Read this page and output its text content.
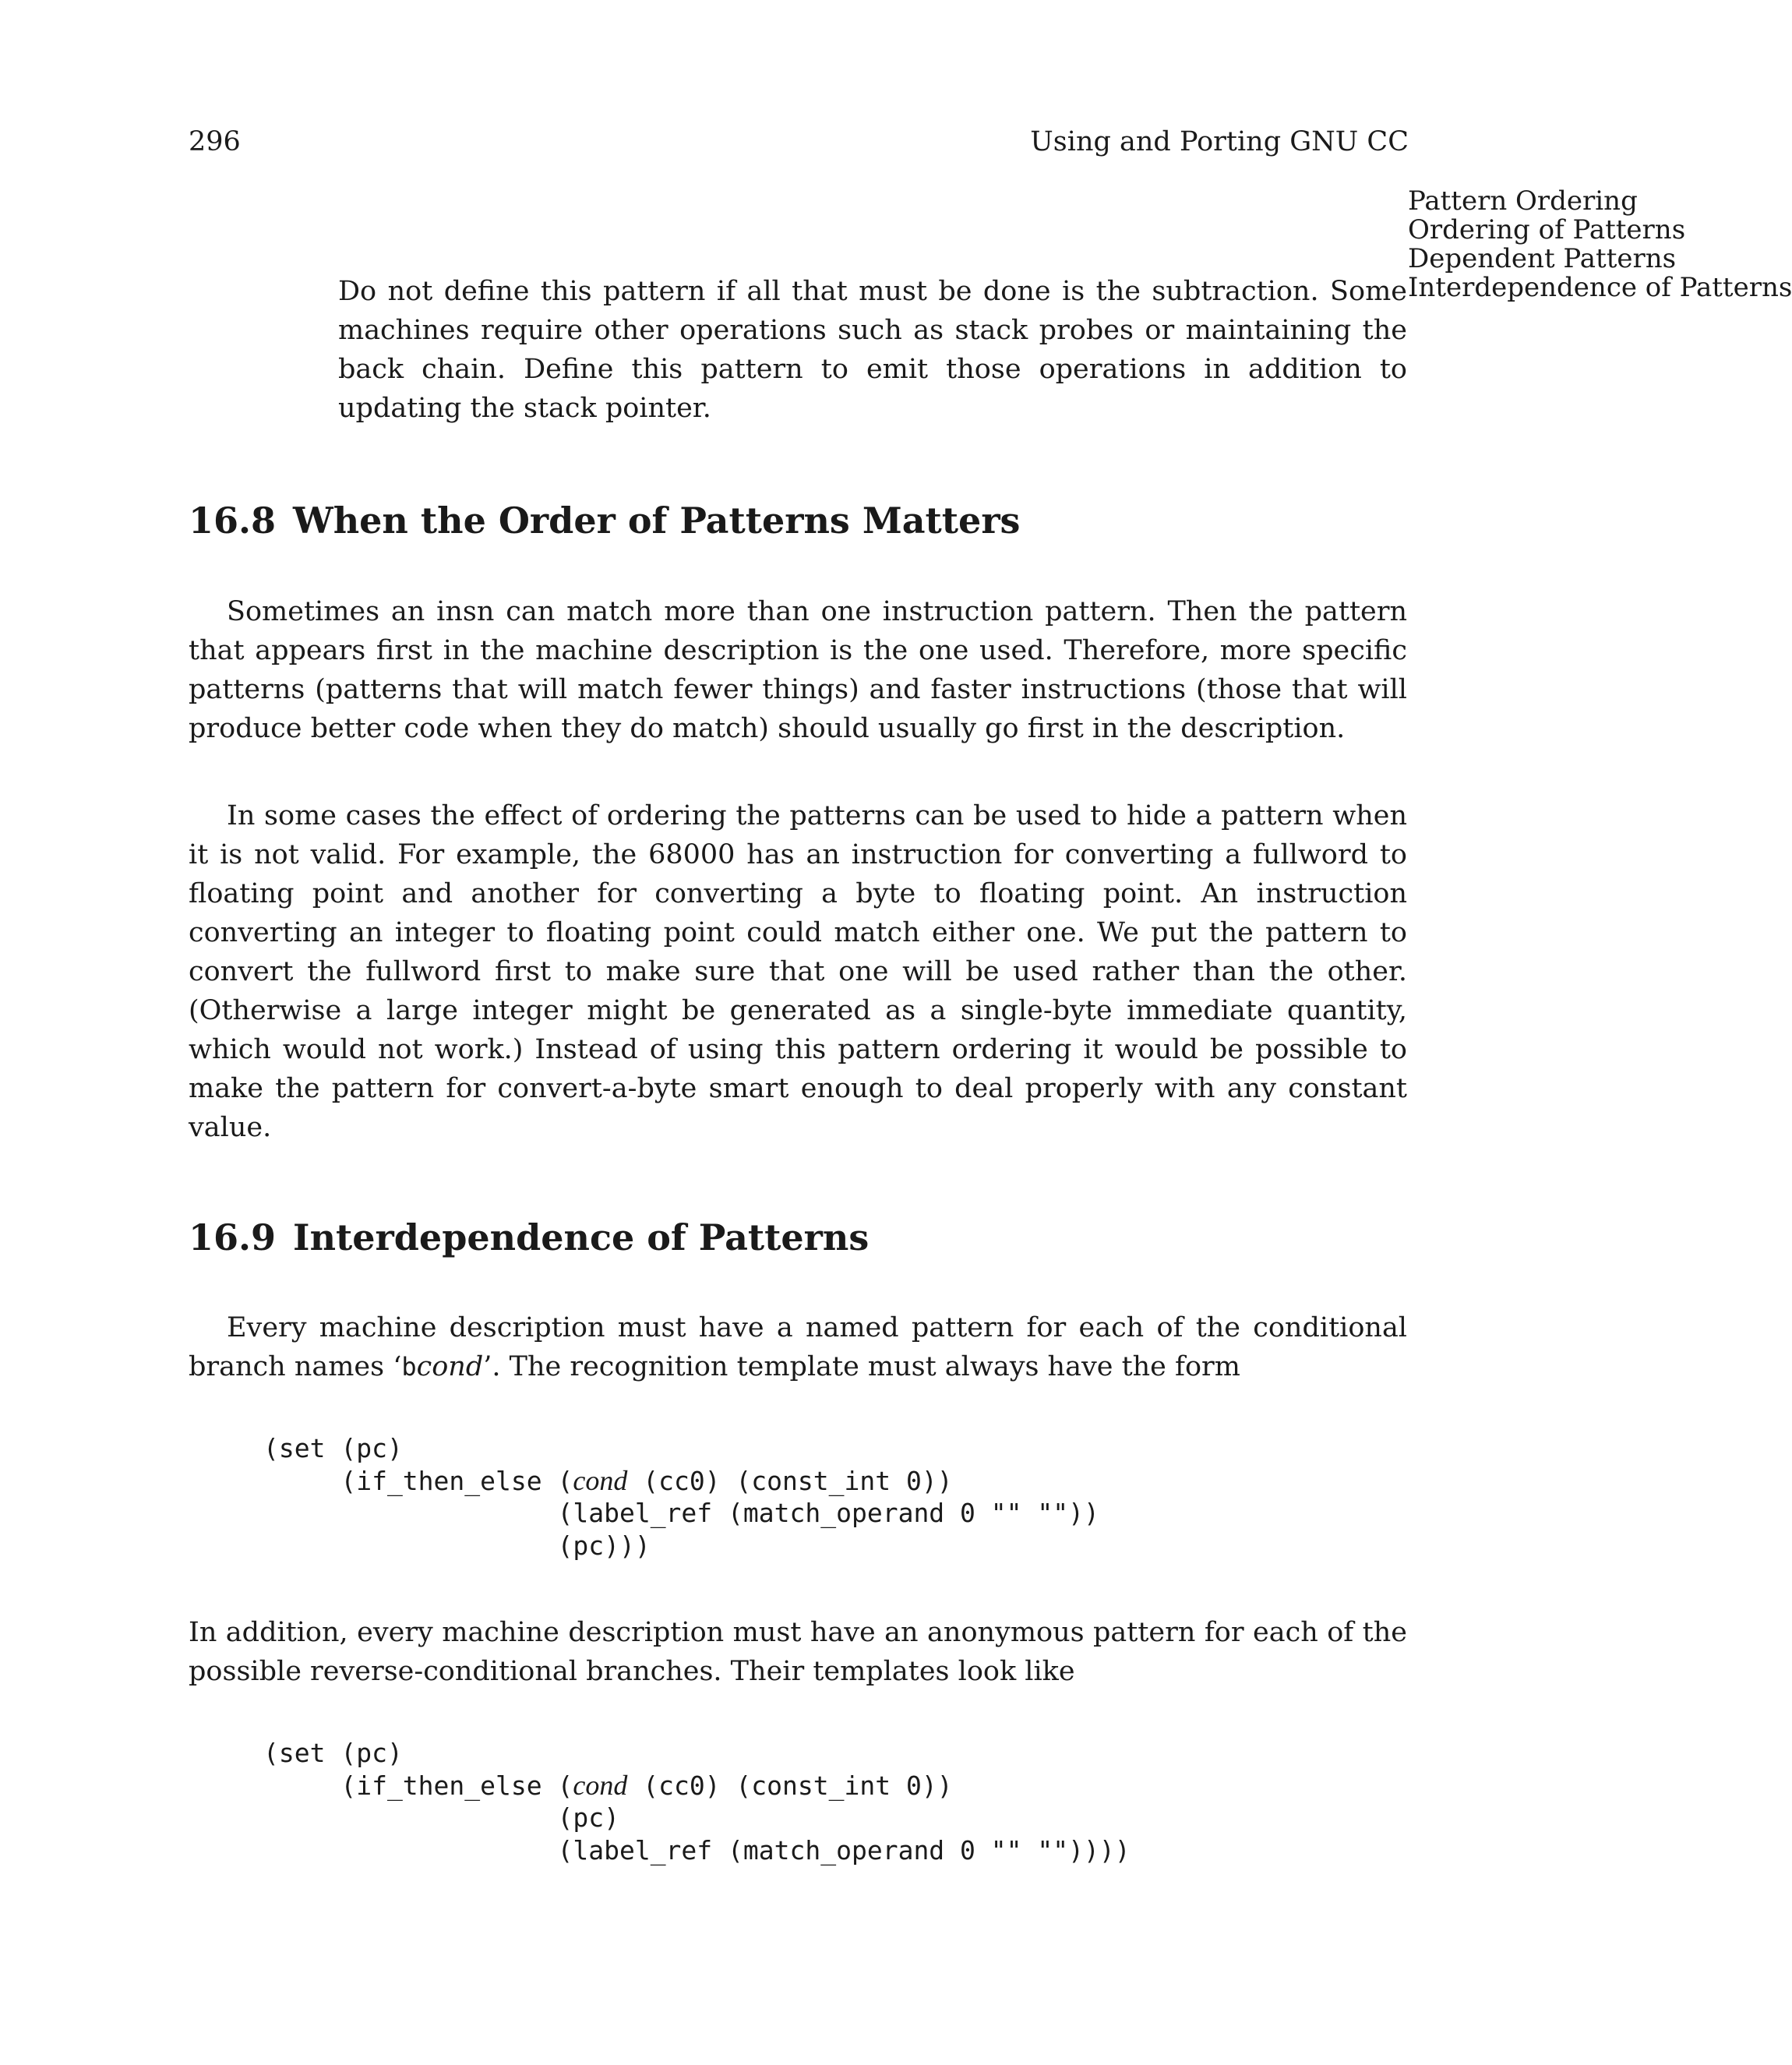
296	Using and Porting GNU CC
Pattern Ordering
Ordering of Patterns
Dependent Patterns
Interdependence of Patterns

Do not define this pattern if all that must be done is the subtraction. Some machines require other operations such as stack probes or maintaining the back chain. Define this pattern to emit those operations in addition to updating the stack pointer.

16.8 When the Order of Patterns Matters

Sometimes an insn can match more than one instruction pattern. Then the pattern that appears first in the machine description is the one used. Therefore, more specific patterns (patterns that will match fewer things) and faster instructions (those that will produce better code when they do match) should usually go first in the description.

In some cases the effect of ordering the patterns can be used to hide a pattern when it is not valid. For example, the 68000 has an instruction for converting a fullword to floating point and another for converting a byte to floating point. An instruction converting an integer to floating point could match either one. We put the pattern to convert the fullword first to make sure that one will be used rather than the other. (Otherwise a large integer might be generated as a single-byte immediate quantity, which would not work.) Instead of using this pattern ordering it would be possible to make the pattern for convert-a-byte smart enough to deal properly with any constant value.

16.9 Interdependence of Patterns

Every machine description must have a named pattern for each of the conditional branch names ‘bcond’. The recognition template must always have the form

(set (pc)
(if_then_else (cond (cc0) (const_int 0))
(label_ref (match_operand 0 "" ""))
(pc)))

In addition, every machine description must have an anonymous pattern for each of the possible reverse-conditional branches. Their templates look like

(set (pc)
(if_then_else (cond (cc0) (const_int 0))
(pc)
(label_ref (match_operand 0 "" ""))))
